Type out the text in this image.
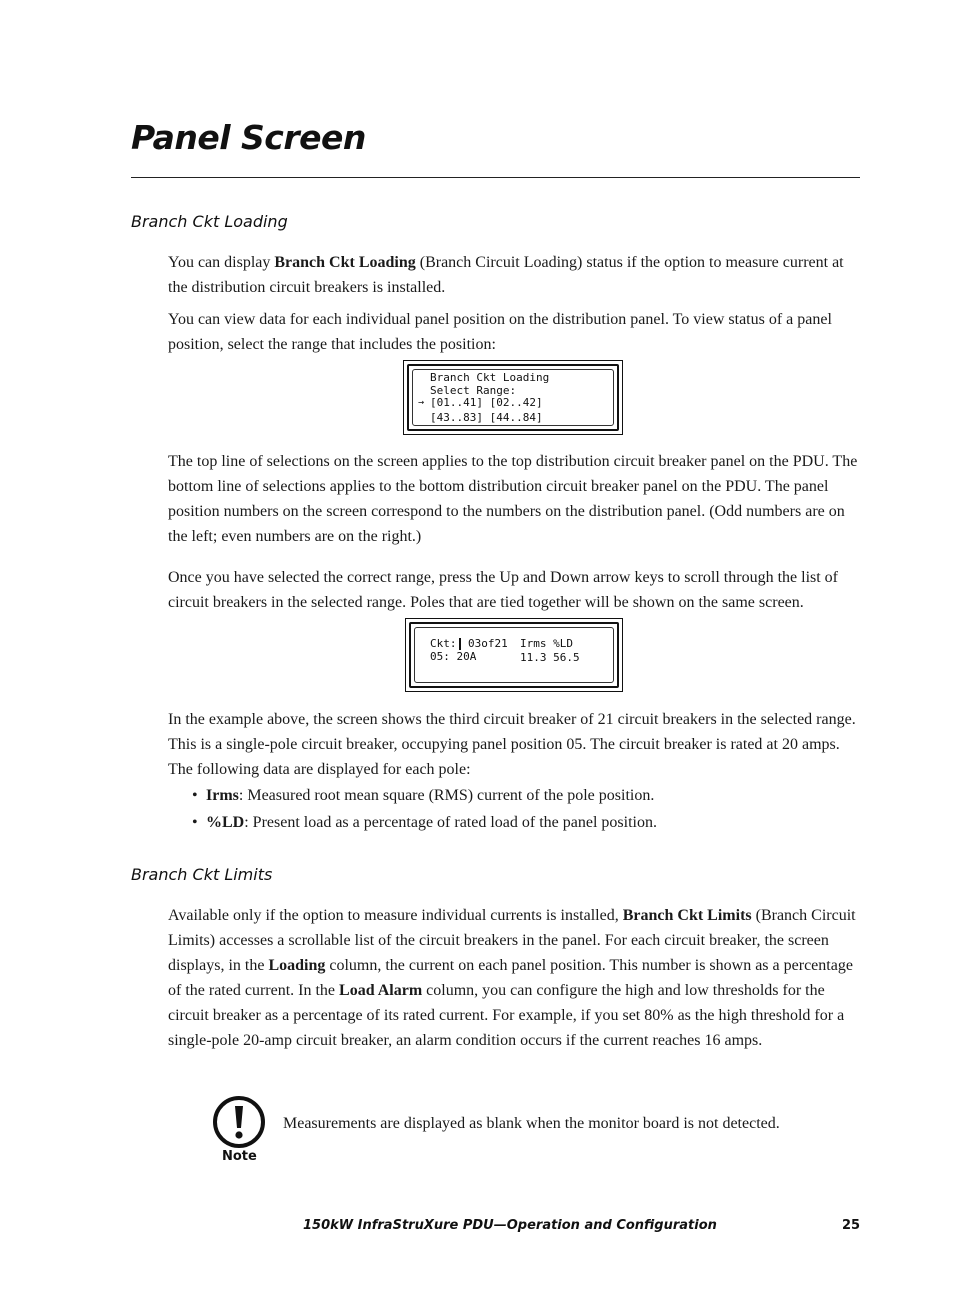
Panel Screen
Branch Ckt Loading

You can display Branch Ckt Loading (Branch Circuit Loading) status if the option to measure current at the distribution circuit breakers is installed.

You can view data for each individual panel position on the distribution panel. To view status of a panel position, select the range that includes the position:

Branch Ckt Loading
Select Range:
→ [01..41] [02..42]
[43..83] [44..84]

The top line of selections on the screen applies to the top distribution circuit breaker panel on the PDU. The bottom line of selections applies to the bottom distribution circuit breaker panel on the PDU. The panel position numbers on the screen correspond to the numbers on the distribution panel. (Odd numbers are on the left; even numbers are on the right.)

Once you have selected the correct range, press the Up and Down arrow keys to scroll through the list of circuit breakers in the selected range. Poles that are tied together will be shown on the same screen.

Ckt: 03of21 Irms %LD
05: 20A	11.3 56.5

In the example above, the screen shows the third circuit breaker of 21 circuit breakers in the selected range. This is a single-pole circuit breaker, occupying panel position 05. The circuit breaker is rated at 20 amps. The following data are displayed for each pole:

• Irms: Measured root mean square (RMS) current of the pole position.

• %LD: Present load as a percentage of rated load of the panel position.

Branch Ckt Limits

Available only if the option to measure individual currents is installed, Branch Ckt Limits (Branch Circuit Limits) accesses a scrollable list of the circuit breakers in the panel. For each circuit breaker, the screen displays, in the Loading column, the current on each panel position. This number is shown as a percentage of the rated current. In the Load Alarm column, you can configure the high and low thresholds for the circuit breaker as a percentage of its rated current. For example, if you set 80% as the high threshold for a single-pole 20-amp circuit breaker, an alarm condition occurs if the current reaches 16 amps.

Note

Measurements are displayed as blank when the monitor board is not detected.

150kW InfraStruXure PDU—Operation and Configuration	25
